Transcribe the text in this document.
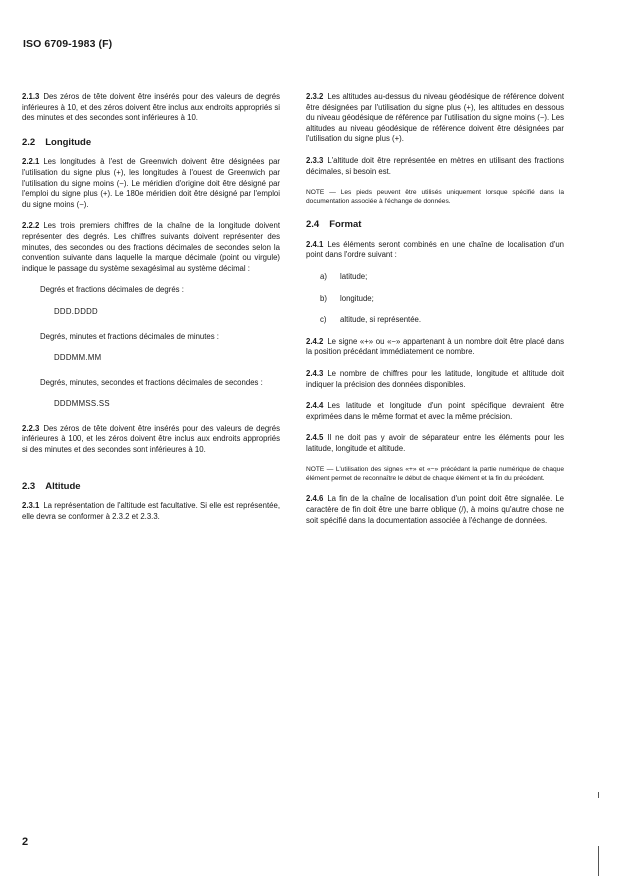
ISO 6709-1983 (F)

2.1.3 Des zéros de tête doivent être insérés pour des valeurs de degrés inférieures à 10, et des zéros doivent être inclus aux endroits appropriés si des minutes et des secondes sont inférieures à 10.

2.2 Longitude

2.2.1 Les longitudes à l'est de Greenwich doivent être désignées par l'utilisation du signe plus (+), les longitudes à l'ouest de Greenwich par l'utilisation du signe moins (−). Le méridien d'origine doit être désigné par l'emploi du signe plus (+). Le 180e méridien doit être désigné par l'emploi du signe moins (−).

2.2.2 Les trois premiers chiffres de la chaîne de la longitude doivent représenter des degrés. Les chiffres suivants doivent représenter des minutes, des secondes ou des fractions décimales de secondes selon la convention suivante dans laquelle la marque décimale (point ou virgule) indique le passage du système sexagésimal au système décimal :

Degrés et fractions décimales de degrés :
DDD.DDDD
Degrés, minutes et fractions décimales de minutes :
DDDMM.MM
Degrés, minutes, secondes et fractions décimales de secondes :
DDDMMSS.SS

2.2.3 Des zéros de tête doivent être insérés pour des valeurs de degrés inférieures à 100, et les zéros doivent être inclus aux endroits appropriés si des minutes et des secondes sont inférieures à 10.

2.3 Altitude

2.3.1 La représentation de l'altitude est facultative. Si elle est représentée, elle devra se conformer à 2.3.2 et 2.3.3.

2.3.2 Les altitudes au-dessus du niveau géodésique de référence doivent être désignées par l'utilisation du signe plus (+), les altitudes en dessous du niveau géodésique de référence par l'utilisation du signe moins (−). Les altitudes au niveau géodésique de référence doivent être désignées par l'utilisation du signe plus (+).

2.3.3 L'altitude doit être représentée en mètres en utilisant des fractions décimales, si besoin est.

NOTE — Les pieds peuvent être utilisés uniquement lorsque spécifié dans la documentation associée à l'échange de données.

2.4 Format

2.4.1 Les éléments seront combinés en une chaîne de localisation d'un point dans l'ordre suivant :

a) latitude;
b) longitude;
c) altitude, si représentée.

2.4.2 Le signe «+» ou «−» appartenant à un nombre doit être placé dans la position précédant immédiatement ce nombre.

2.4.3 Le nombre de chiffres pour les latitude, longitude et altitude doit indiquer la précision des données disponibles.

2.4.4 Les latitude et longitude d'un point spécifique devraient être exprimées dans le même format et avec la même précision.

2.4.5 Il ne doit pas y avoir de séparateur entre les éléments pour les latitude, longitude et altitude.

NOTE — L'utilisation des signes «+» et «−» précédant la partie numérique de chaque élément permet de reconnaître le début de chaque élément et la fin du précédent.

2.4.6 La fin de la chaîne de localisation d'un point doit être signalée. Le caractère de fin doit être une barre oblique (/), à moins qu'autre chose ne soit spécifié dans la documentation associée à l'échange de données.

2
